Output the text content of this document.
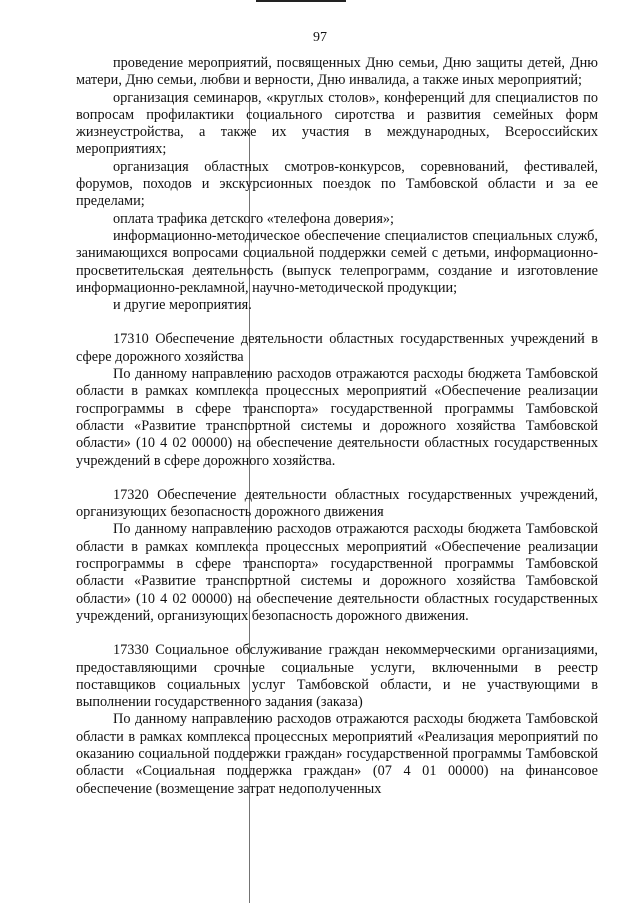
97

проведение мероприятий, посвященных Дню семьи, Дню защиты детей, Дню матери, Дню семьи, любви и верности, Дню инвалида, а также иных мероприятий;

организация семинаров, «круглых столов», конференций для специалистов по вопросам профилактики социального сиротства и развития семейных форм жизнеустройства, а также их участия в международных, Всероссийских мероприятиях;

организация областных смотров-конкурсов, соревнований, фестивалей, форумов, походов и экскурсионных поездок по Тамбовской области и за ее пределами;

оплата трафика детского «телефона доверия»;

информационно-методическое обеспечение специалистов специальных служб, занимающихся вопросами социальной поддержки семей с детьми, информационно-просветительская деятельность (выпуск телепрограмм, создание и изготовление информационно-рекламной, научно-методической продукции;

и другие мероприятия.

17310 Обеспечение деятельности областных государственных учреждений в сфере дорожного хозяйства

По данному направлению расходов отражаются расходы бюджета Тамбовской области в рамках комплекса процессных мероприятий «Обеспечение реализации госпрограммы в сфере транспорта» государственной программы Тамбовской области «Развитие транспортной системы и дорожного хозяйства Тамбовской области» (10 4 02 00000) на обеспечение деятельности областных государственных учреждений в сфере дорожного хозяйства.

17320 Обеспечение деятельности областных государственных учреждений, организующих безопасность дорожного движения

По данному направлению расходов отражаются расходы бюджета Тамбовской области в рамках комплекса процессных мероприятий «Обеспечение реализации госпрограммы в сфере транспорта» государственной программы Тамбовской области «Развитие транспортной системы и дорожного хозяйства Тамбовской области» (10 4 02 00000) на обеспечение деятельности областных государственных учреждений, организующих безопасность дорожного движения.

17330 Социальное обслуживание граждан некоммерческими организациями, предоставляющими срочные социальные услуги, включенными в реестр поставщиков социальных услуг Тамбовской области, и не участвующими в выполнении государственного задания (заказа)

По данному направлению расходов отражаются расходы бюджета Тамбовской области в рамках комплекса процессных мероприятий «Реализация мероприятий по оказанию социальной поддержки граждан» государственной программы Тамбовской области «Социальная поддержка граждан» (07 4 01 00000) на финансовое обеспечение (возмещение затрат недополученных
